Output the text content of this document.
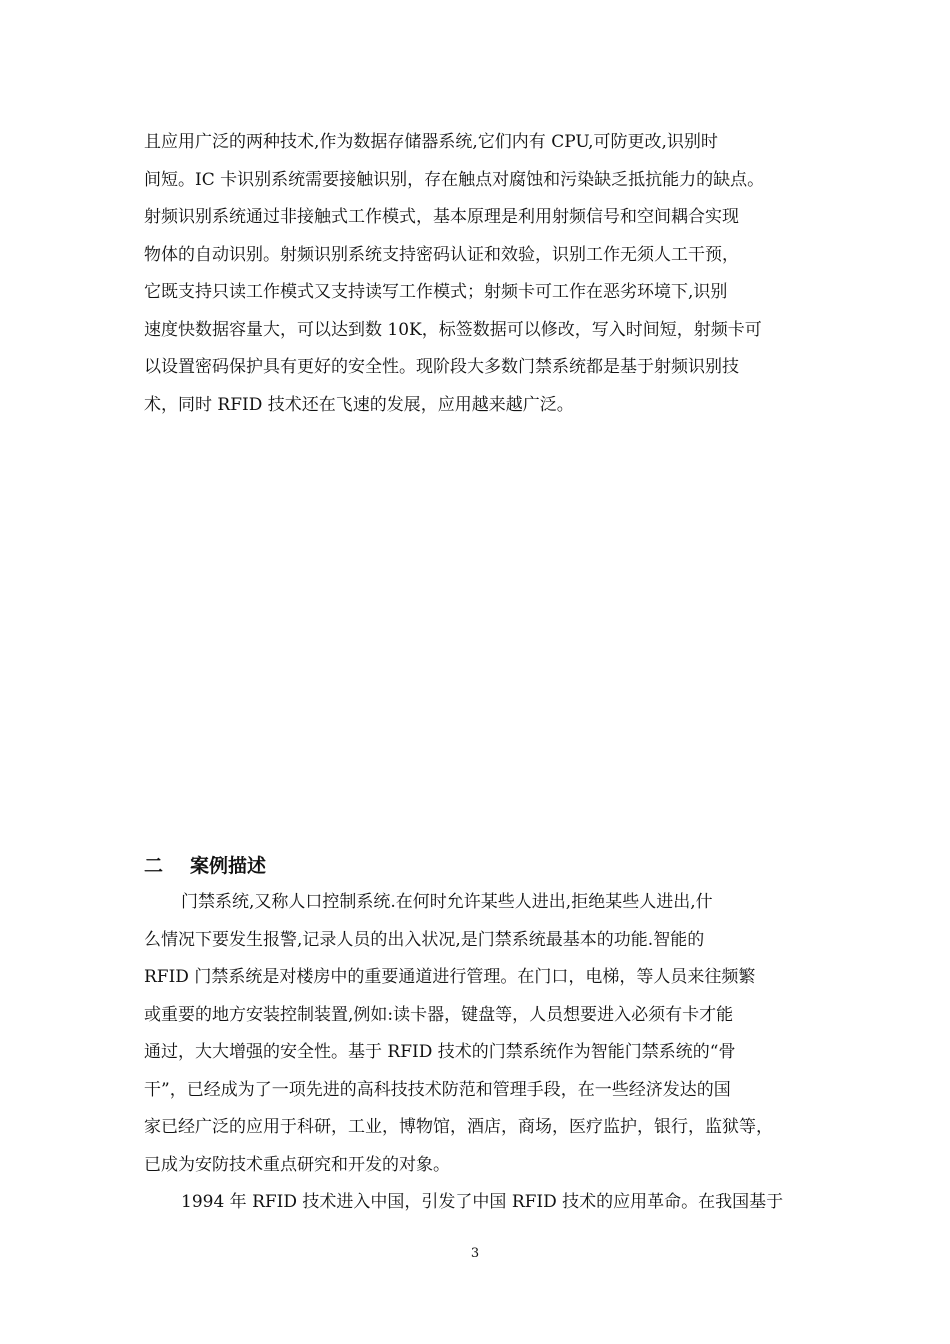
且应用广泛的两种技术,作为数据存储器系统,它们内有 CPU,可防更改,识别时
间短。IC 卡识别系统需要接触识别，存在触点对腐蚀和污染缺乏抵抗能力的缺点。
射频识别系统通过非接触式工作模式，基本原理是利用射频信号和空间耦合实现
物体的自动识别。射频识别系统支持密码认证和效验，识别工作无须人工干预，
它既支持只读工作模式又支持读写工作模式；射频卡可工作在恶劣环境下,识别
速度快数据容量大，可以达到数 10K，标签数据可以修改，写入时间短，射频卡可
以设置密码保护具有更好的安全性。现阶段大多数门禁系统都是基于射频识别技
术，同时 RFID 技术还在飞速的发展，应用越来越广泛。
二 案例描述
门禁系统,又称人口控制系统.在何时允许某些人进出,拒绝某些人进出,什
么情况下要发生报警,记录人员的出入状况,是门禁系统最基本的功能.智能的
RFID 门禁系统是对楼房中的重要通道进行管理。在门口，电梯，等人员来往频繁
或重要的地方安装控制装置,例如:读卡器，键盘等，人员想要进入必须有卡才能
通过，大大增强的安全性。基于 RFID 技术的门禁系统作为智能门禁系统的“骨
干”，已经成为了一项先进的高科技技术防范和管理手段，在一些经济发达的国
家已经广泛的应用于科研，工业，博物馆，酒店，商场，医疗监护，银行，监狱等，
已成为安防技术重点研究和开发的对象。
1994 年 RFID 技术进入中国，引发了中国 RFID 技术的应用革命。在我国基于
3
